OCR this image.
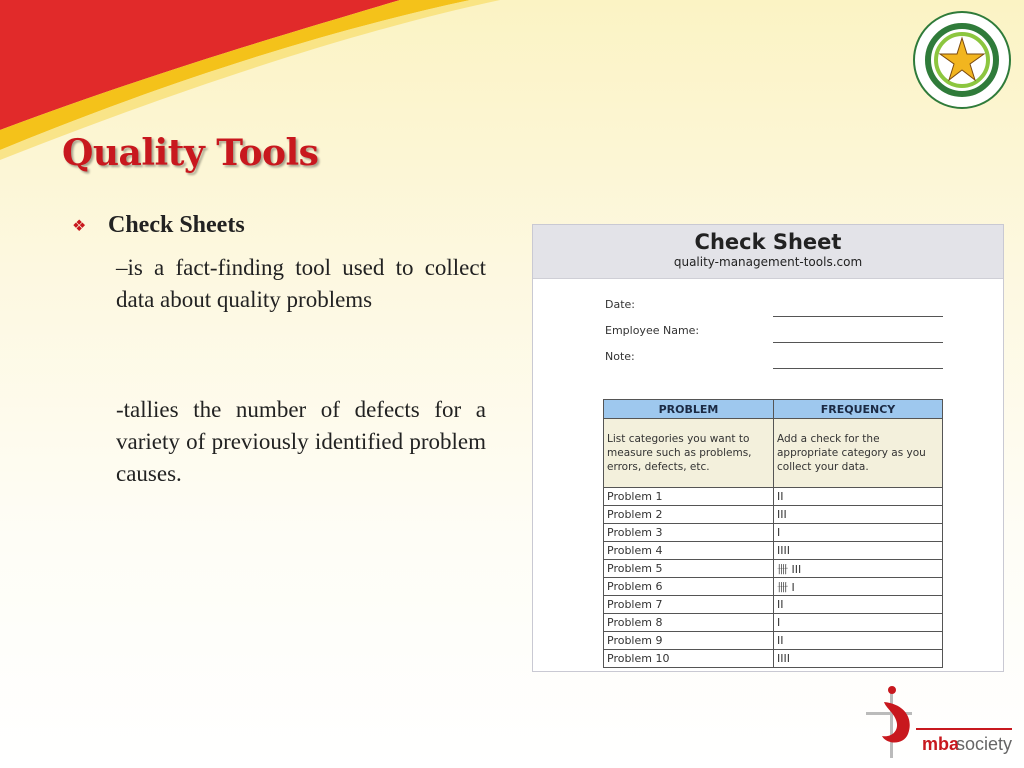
Quality Tools
❖ Check Sheets
–is a fact-finding tool used to collect data about quality problems
-tallies the number of defects for a variety of previously identified problem causes.
Check Sheet
quality-management-tools.com
Date:
Employee Name:
Note:
PROBLEM	FREQUENCY
List categories you want to measure such as problems, errors, defects, etc.	Add a check for the appropriate category as you collect your data.
Problem 1	II
Problem 2	III
Problem 3	I
Problem 4	IIII
Problem 5	卌 III
Problem 6	卌 I
Problem 7	II
Problem 8	I
Problem 9	II
Problem 10	IIII
mba
society
